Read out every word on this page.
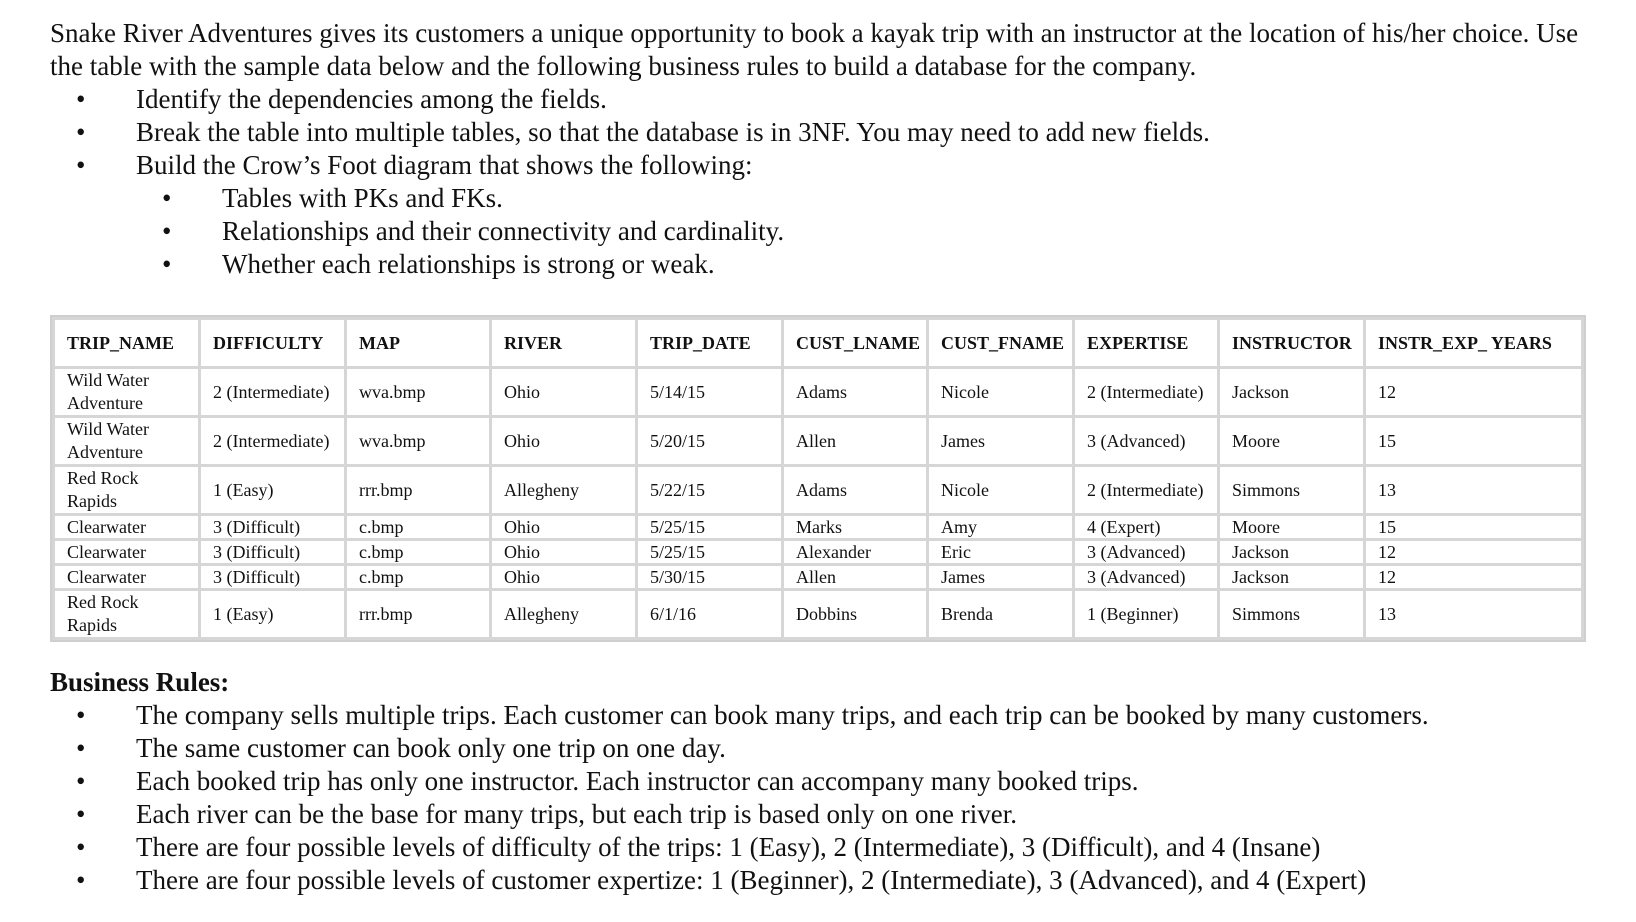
Snake River Adventures gives its customers a unique opportunity to book a kayak trip with an instructor at the location of his/her choice. Use the table with the sample data below and the following business rules to build a database for the company.

• Identify the dependencies among the fields.
• Break the table into multiple tables, so that the database is in 3NF. You may need to add new fields.
• Build the Crow’s Foot diagram that shows the following:
• Tables with PKs and FKs.
• Relationships and their connectivity and cardinality.
• Whether each relationships is strong or weak.
TRIP_NAME	DIFFICULTY	MAP	RIVER	TRIP_DATE	CUST_LNAME	CUST_FNAME	EXPERTISE	INSTRUCTOR	INSTR_EXP_ YEARS
Wild Water Adventure	2 (Intermediate)	wva.bmp	Ohio	5/14/15	Adams	Nicole	2 (Intermediate)	Jackson	12
Wild Water Adventure	2 (Intermediate)	wva.bmp	Ohio	5/20/15	Allen	James	3 (Advanced)	Moore	15
Red Rock Rapids	1 (Easy)	rrr.bmp	Allegheny	5/22/15	Adams	Nicole	2 (Intermediate)	Simmons	13
Clearwater	3 (Difficult)	c.bmp	Ohio	5/25/15	Marks	Amy	4 (Expert)	Moore	15
Clearwater	3 (Difficult)	c.bmp	Ohio	5/25/15	Alexander	Eric	3 (Advanced)	Jackson	12
Clearwater	3 (Difficult)	c.bmp	Ohio	5/30/15	Allen	James	3 (Advanced)	Jackson	12
Red Rock Rapids	1 (Easy)	rrr.bmp	Allegheny	6/1/16	Dobbins	Brenda	1 (Beginner)	Simmons	13
Business Rules:
• The company sells multiple trips. Each customer can book many trips, and each trip can be booked by many customers.
• The same customer can book only one trip on one day.
• Each booked trip has only one instructor. Each instructor can accompany many booked trips.
• Each river can be the base for many trips, but each trip is based only on one river.
• There are four possible levels of difficulty of the trips: 1 (Easy), 2 (Intermediate), 3 (Difficult), and 4 (Insane)
• There are four possible levels of customer expertize: 1 (Beginner), 2 (Intermediate), 3 (Advanced), and 4 (Expert)
